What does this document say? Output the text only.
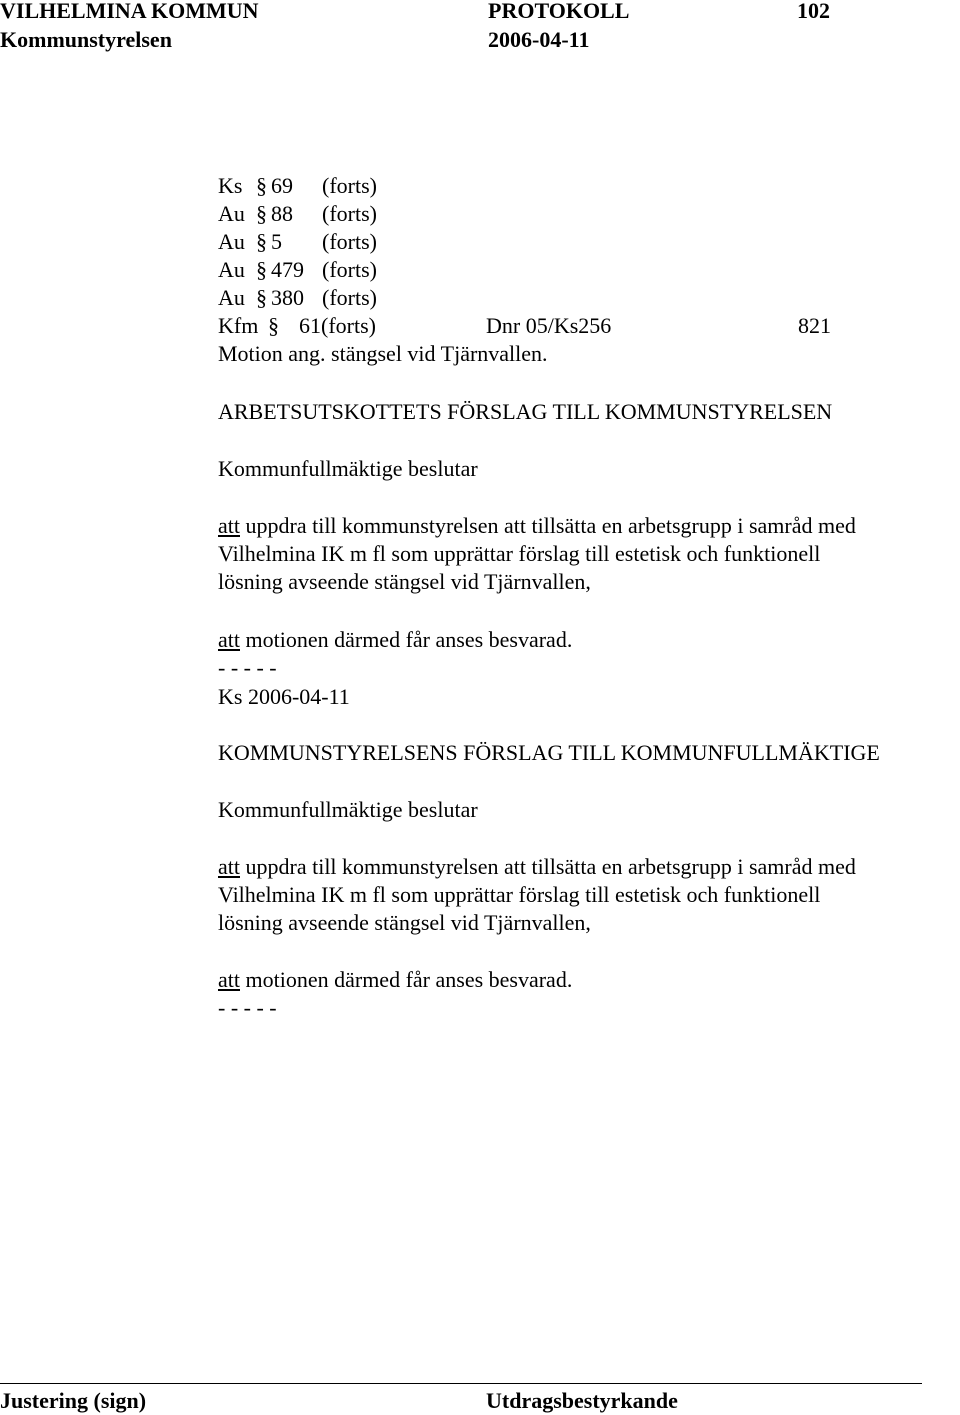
VILHELMINA KOMMUN	PROTOKOLL	102
Kommunstyrelsen	2006-04-11
Ks § 69 (forts)
Au § 88 (forts)
Au § 5 (forts)
Au § 479 (forts)
Au § 380 (forts)
Kfm § 61(forts)	Dnr 05/Ks256	821
Motion ang. stängsel vid Tjärnvallen.
ARBETSUTSKOTTETS FÖRSLAG TILL KOMMUNSTYRELSEN
Kommunfullmäktige beslutar
att uppdra till kommunstyrelsen att tillsätta en arbetsgrupp i samråd med
Vilhelmina IK m fl som upprättar förslag till estetisk och funktionell
lösning avseende stängsel vid Tjärnvallen,
att motionen därmed får anses besvarad.
- - - - -
Ks 2006-04-11
KOMMUNSTYRELSENS FÖRSLAG TILL KOMMUNFULLMÄKTIGE
Kommunfullmäktige beslutar
att uppdra till kommunstyrelsen att tillsätta en arbetsgrupp i samråd med
Vilhelmina IK m fl som upprättar förslag till estetisk och funktionell
lösning avseende stängsel vid Tjärnvallen,
att motionen därmed får anses besvarad.
- - - - -
Justering (sign)	Utdragsbestyrkande
